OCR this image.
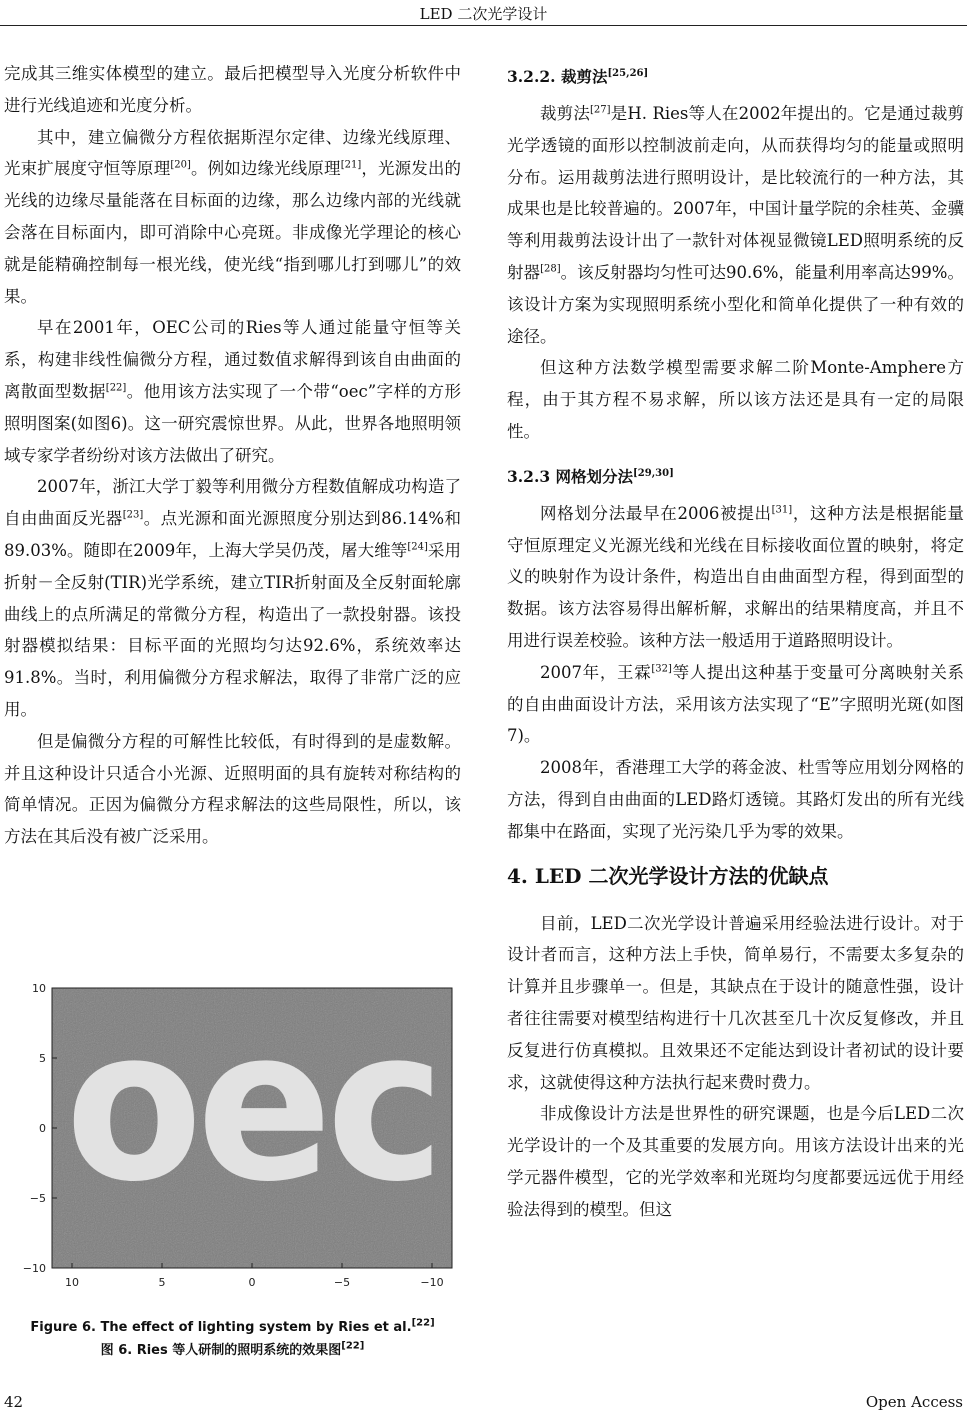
LED 二次光学设计

完成其三维实体模型的建立。最后把模型导入光度分析软件中进行光线追迹和光度分析。

其中，建立偏微分方程依据斯涅尔定律、边缘光线原理、光束扩展度守恒等原理[20]。例如边缘光线原理[21]，光源发出的光线的边缘尽量能落在目标面的边缘，那么边缘内部的光线就会落在目标面内，即可消除中心亮斑。非成像光学理论的核心就是能精确控制每一根光线，使光线“指到哪儿打到哪儿”的效果。

早在2001年，OEC公司的Ries等人通过能量守恒等关系，构建非线性偏微分方程，通过数值求解得到该自由曲面的离散面型数据[22]。他用该方法实现了一个带“oec”字样的方形照明图案(如图6)。这一研究震惊世界。从此，世界各地照明领域专家学者纷纷对该方法做出了研究。

2007年，浙江大学丁毅等利用微分方程数值解成功构造了自由曲面反光器[23]。点光源和面光源照度分别达到86.14%和89.03%。随即在2009年，上海大学吴仍茂，屠大维等[24]采用折射－全反射(TIR)光学系统，建立TIR折射面及全反射面轮廓曲线上的点所满足的常微分方程，构造出了一款投射器。该投射器模拟结果：目标平面的光照均匀达92.6%，系统效率达91.8%。当时，利用偏微分方程求解法，取得了非常广泛的应用。

但是偏微分方程的可解性比较低，有时得到的是虚数解。并且这种设计只适合小光源、近照明面的具有旋转对称结构的简单情况。正因为偏微分方程求解法的这些局限性，所以，该方法在其后没有被广泛采用。

oec
10
5
0
−5
−10
10	5	0	−5	−10
Figure 6. The effect of lighting system by Ries et al.[22]
图 6. Ries 等人研制的照明系统的效果图[22]
3.2.2. 裁剪法[25,26]

裁剪法[27]是H. Ries等人在2002年提出的。它是通过裁剪光学透镜的面形以控制波前走向，从而获得均匀的能量或照明分布。运用裁剪法进行照明设计，是比较流行的一种方法，其成果也是比较普遍的。2007年，中国计量学院的余桂英、金骥等利用裁剪法设计出了一款针对体视显微镜LED照明系统的反射器[28]。该反射器均匀性可达90.6%，能量利用率高达99%。该设计方案为实现照明系统小型化和简单化提供了一种有效的途径。

但这种方法数学模型需要求解二阶Monte-Amphere方程，由于其方程不易求解，所以该方法还是具有一定的局限性。

3.2.3 网格划分法[29,30]

网格划分法最早在2006被提出[31]，这种方法是根据能量守恒原理定义光源光线和光线在目标接收面位置的映射，将定义的映射作为设计条件，构造出自由曲面型方程，得到面型的数据。该方法容易得出解析解，求解出的结果精度高，并且不用进行误差校验。该种方法一般适用于道路照明设计。

2007年，王霖[32]等人提出这种基于变量可分离映射关系的自由曲面设计方法，采用该方法实现了“E”字照明光斑(如图7)。

2008年，香港理工大学的蒋金波、杜雪等应用划分网格的方法，得到自由曲面的LED路灯透镜。其路灯发出的所有光线都集中在路面，实现了光污染几乎为零的效果。

4. LED 二次光学设计方法的优缺点

目前，LED二次光学设计普遍采用经验法进行设计。对于设计者而言，这种方法上手快，简单易行，不需要太多复杂的计算并且步骤单一。但是，其缺点在于设计的随意性强，设计者往往需要对模型结构进行十几次甚至几十次反复修改，并且反复进行仿真模拟。且效果还不定能达到设计者初试的设计要求，这就使得这种方法执行起来费时费力。

非成像设计方法是世界性的研究课题，也是今后LED二次光学设计的一个及其重要的发展方向。用该方法设计出来的光学元器件模型，它的光学效率和光斑均匀度都要远远优于用经验法得到的模型。但这

42	Open Access
